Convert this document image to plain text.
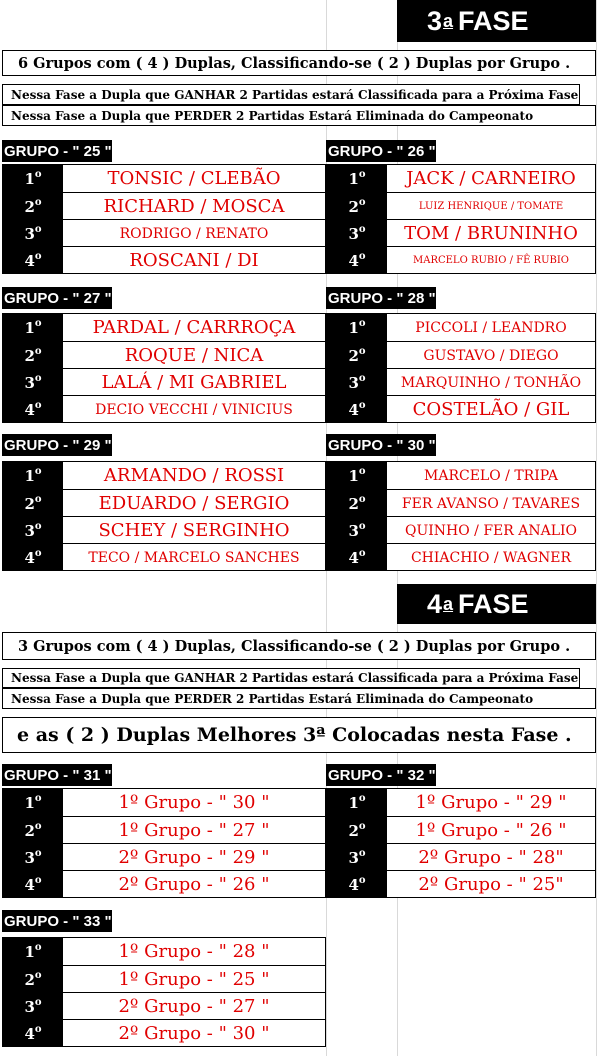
3 a FASE
6 Grupos com ( 4 ) Duplas, Classificando-se ( 2 ) Duplas por Grupo .
Nessa Fase a Dupla que GANHAR 2 Partidas estará Classificada para a Próxima Fase
Nessa Fase a Dupla que PERDER 2 Partidas Estará Eliminada do Campeonato
GRUPO - " 25 "
1 o	TONSIC / CLEBÃO
2 o	RICHARD / MOSCA
3 o	RODRIGO / RENATO
4 o	ROSCANI / DI
GRUPO - " 26 "
1 o	JACK / CARNEIRO
2 o	LUIZ HENRIQUE / TOMATE
3 o	TOM / BRUNINHO
4 o	MARCELO RUBIO / FÊ RUBIO
GRUPO - " 27 "
1 o	PARDAL / CARRROÇA
2 o	ROQUE / NICA
3 o	LALÁ / MI GABRIEL
4 o	DECIO VECCHI / VINICIUS
GRUPO - " 28 "
1 o	PICCOLI / LEANDRO
2 o	GUSTAVO / DIEGO
3 o	MARQUINHO / TONHÃO
4 o	COSTELÃO / GIL
GRUPO - " 29 "
1 o	ARMANDO / ROSSI
2 o	EDUARDO / SERGIO
3 o	SCHEY / SERGINHO
4 o	TECO / MARCELO SANCHES
GRUPO - " 30 "
1 o	MARCELO / TRIPA
2 o	FER AVANSO / TAVARES
3 o	QUINHO / FER ANALIO
4 o	CHIACHIO / WAGNER
4 a FASE
3 Grupos com ( 4 ) Duplas, Classificando-se ( 2 ) Duplas por Grupo .
Nessa Fase a Dupla que GANHAR 2 Partidas estará Classificada para a Próxima Fase
Nessa Fase a Dupla que PERDER 2 Partidas Estará Eliminada do Campeonato
e as ( 2 ) Duplas Melhores 3ª Colocadas nesta Fase .
GRUPO - " 31 "
1 o	1º Grupo - " 30 "
2 o	1º Grupo - " 27 "
3 o	2º Grupo - " 29 "
4 o	2º Grupo - " 26 "
GRUPO - " 32 "
1 o	1º Grupo - " 29 "
2 o	1º Grupo - " 26 "
3 o	2º Grupo - " 28"
4 o	2º Grupo - " 25"
GRUPO - " 33 "
1 o	1º Grupo - " 28 "
2 o	1º Grupo - " 25 "
3 o	2º Grupo - " 27 "
4 o	2º Grupo - " 30 "
